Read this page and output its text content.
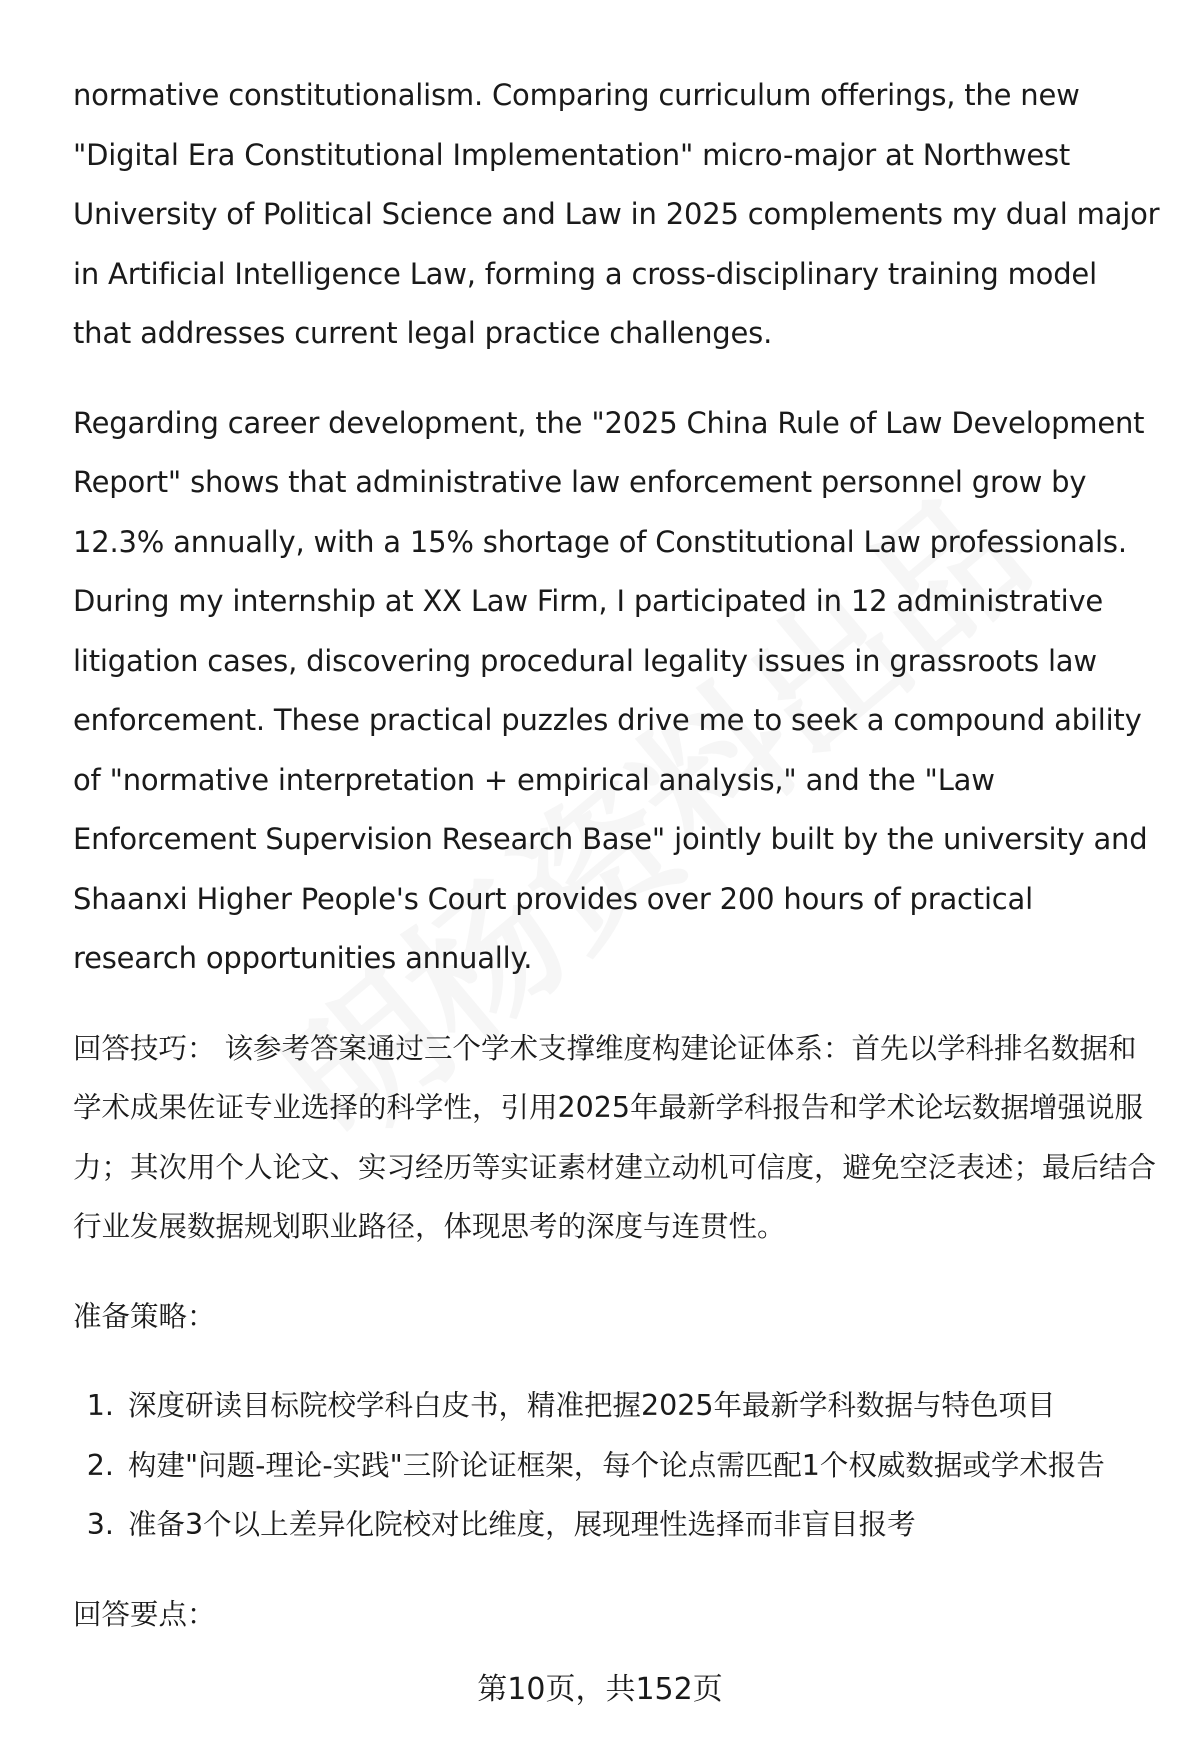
normative constitutionalism. Comparing curriculum offerings, the new "Digital Era Constitutional Implementation" micro-major at Northwest University of Political Science and Law in 2025 complements my dual major in Artificial Intelligence Law, forming a cross-disciplinary training model that addresses current legal practice challenges.

Regarding career development, the "2025 China Rule of Law Development Report" shows that administrative law enforcement personnel grow by 12.3% annually, with a 15% shortage of Constitutional Law professionals. During my internship at XX Law Firm, I participated in 12 administrative litigation cases, discovering procedural legality issues in grassroots law enforcement. These practical puzzles drive me to seek a compound ability of "normative interpretation + empirical analysis," and the "Law Enforcement Supervision Research Base" jointly built by the university and Shaanxi Higher People's Court provides over 200 hours of practical research opportunities annually.

回答技巧： 该参考答案通过三个学术支撑维度构建论证体系：首先以学科排名数据和学术成果佐证专业选择的科学性，引用2025年最新学科报告和学术论坛数据增强说服力；其次用个人论文、实习经历等实证素材建立动机可信度，避免空泛表述；最后结合行业发展数据规划职业路径，体现思考的深度与连贯性。

准备策略：
1. 深度研读目标院校学科白皮书，精准把握2025年最新学科数据与特色项目
2. 构建"问题-理论-实践"三阶论证框架，每个论点需匹配1个权威数据或学术报告
3. 准备3个以上差异化院校对比维度，展现理性选择而非盲目报考
回答要点：
第10页，共152页
